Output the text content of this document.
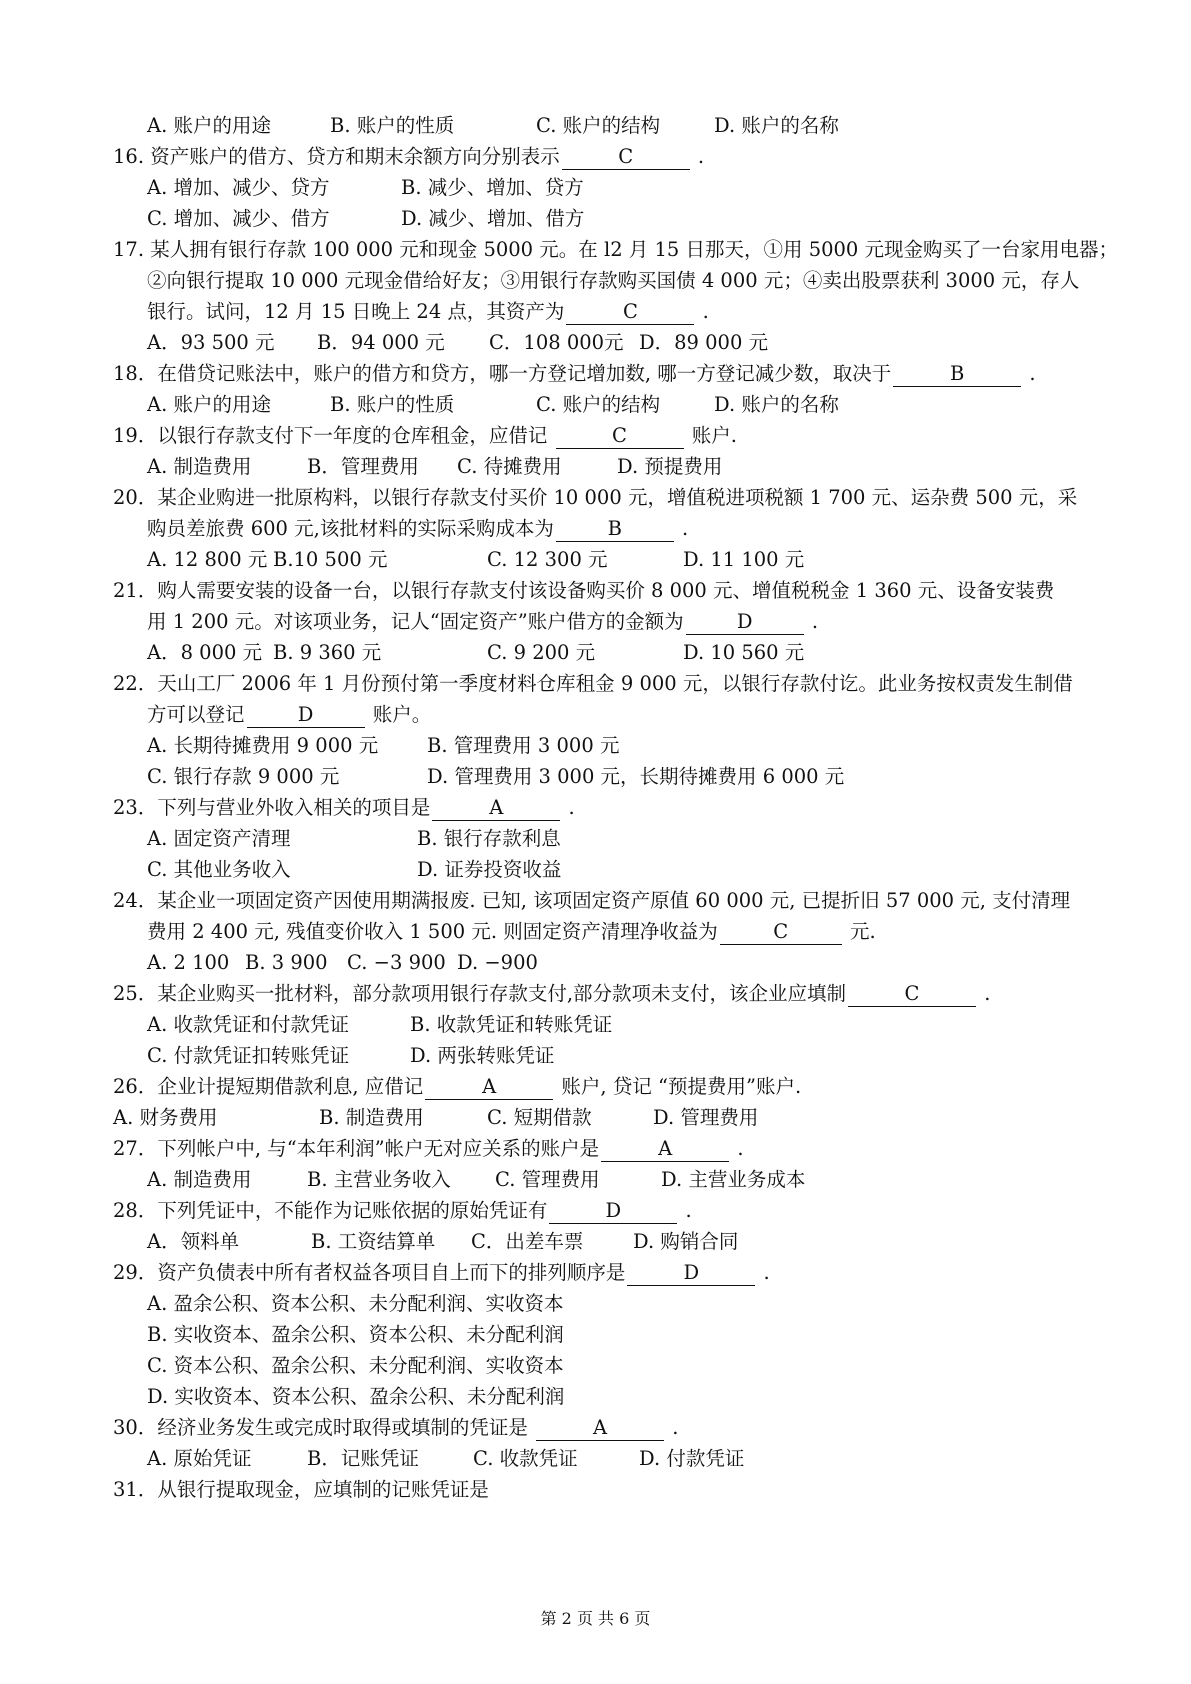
A. 账户的用途	B. 账户的性质	C. 账户的结构	D. 账户的名称
16. 资产账户的借方、贷方和期末余额方向分别表示	C	.
A. 增加、减少、贷方	B. 减少、增加、贷方
C. 增加、减少、借方	D. 减少、增加、借方
17. 某人拥有银行存款 100 000 元和现金 5000 元。在 l2 月 15 日那天，①用 5000 元现金购买了一台家用电器；
②向银行提取 10 000 元现金借给好友；③用银行存款购买国债 4 000 元；④卖出股票获利 3000 元，存人
银行。试问，12 月 15 日晚上 24 点，其资产为	C	.
A．93 500 元 B．94 000 元 C．108 000元 D．89 000 元
18．在借贷记账法中，账户的借方和贷方，哪一方登记增加数, 哪一方登记减少数，取决于	B	.
A. 账户的用途	B. 账户的性质	C. 账户的结构	D. 账户的名称
19．以银行存款支付下一年度的仓库租金，应借记	C	账户.
A. 制造费用	B．管理费用 C. 待摊费用	D. 预提费用
20．某企业购进一批原构料，以银行存款支付买价 10 000 元，增值税进项税额 1 700 元、运杂费 500 元，采
购员差旅费 600 元,该批材料的实际采购成本为	B	.
A. 12 800 元 B.10 500 元	C. 12 300 元	D. 11 100 元
21．购人需要安装的设备一台，以银行存款支付该设备购买价 8 000 元、增值税税金 1 360 元、设备安装费
用 1 200 元。对该项业务，记人“固定资产”账户借方的金额为	D	.
A．8 000 元 B. 9 360 元	C. 9 200 元	D. 10 560 元
22．天山工厂 2006 年 1 月份预付第一季度材料仓库租金 9 000 元，以银行存款付讫。此业务按权责发生制借
方可以登记	D	账户。
A. 长期待摊费用 9 000 元	B. 管理费用 3 000 元
C. 银行存款 9 000 元	D. 管理费用 3 000 元，长期待摊费用 6 000 元
23．下列与营业外收入相关的项目是	A	.
A. 固定资产清理	B. 银行存款利息
C. 其他业务收入	D. 证券投资收益
24．某企业一项固定资产因使用期满报废. 已知, 该项固定资产原值 60 000 元, 已提折旧 57 000 元, 支付清理
费用 2 400 元, 残值变价收入 1 500 元. 则固定资产清理净收益为	C	元.
A. 2 100 B. 3 900 C. −3 900 D. −900
25．某企业购买一批材料，部分款项用银行存款支付,部分款项未支付，该企业应填制	C	.
A. 收款凭证和付款凭证	B. 收款凭证和转账凭证
C. 付款凭证扣转账凭证	D. 两张转账凭证
26．企业计提短期借款利息, 应借记	A	账户, 贷记 “预提费用”账户.
A. 财务费用	B. 制造费用	C. 短期借款	D. 管理费用
27．下列帐户中, 与“本年利润”帐户无对应关系的账户是	A	.
A. 制造费用	B. 主营业务收入 C. 管理费用	D. 主营业务成本
28．下列凭证中，不能作为记账依据的原始凭证有	D	.
A．领料单	B. 工资结算单 C．出差车票	D. 购销合同
29．资产负债表中所有者权益各项目自上而下的排列顺序是	D	.
A. 盈余公积、资本公积、未分配利润、实收资本
B. 实收资本、盈余公积、资本公积、未分配利润
C. 资本公积、盈余公积、未分配利润、实收资本
D. 实收资本、资本公积、盈余公积、未分配利润
30．经济业务发生或完成时取得或填制的凭证是	A	.
A. 原始凭证	B．记账凭证	C. 收款凭证	D. 付款凭证
31．从银行提取现金，应填制的记账凭证是
第 2 页 共 6 页
